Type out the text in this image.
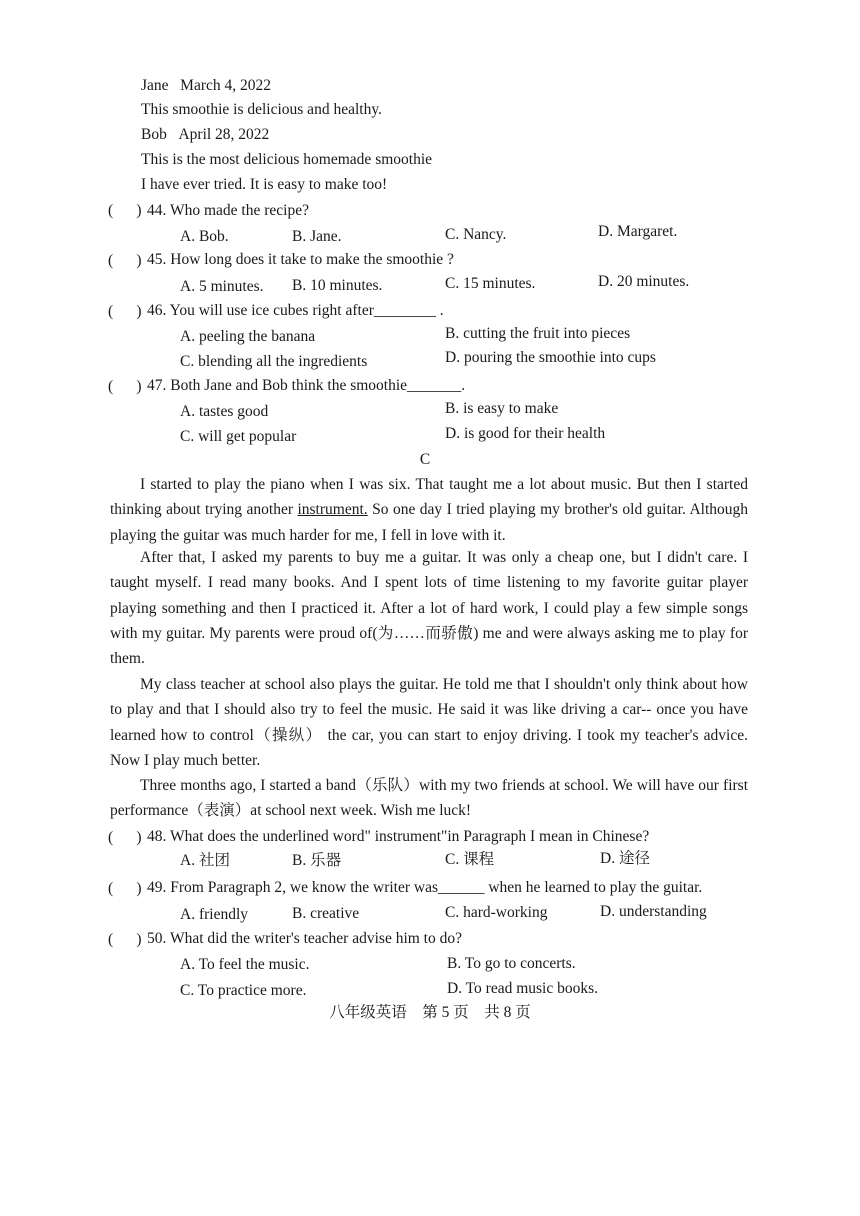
Jane March 4, 2022
This smoothie is delicious and healthy.
Bob April 28, 2022
This is the most delicious homemade smoothie
I have ever tried. It is easy to make too!
(      ) 44. Who made the recipe?
A. Bob.	B. Jane.	C. Nancy.	D. Margaret.
(      ) 45. How long does it take to make the smoothie ?
A. 5 minutes. B. 10 minutes.	C. 15 minutes.	D. 20 minutes.
(      ) 46. You will use ice cubes right after________ .
A. peeling the banana	B. cutting the fruit into pieces
C. blending all the ingredients	D. pouring the smoothie into cups
(      ) 47. Both Jane and Bob think the smoothie_______.
A. tastes good	B. is easy to make
C. will get popular	D. is good for their health
C
I started to play the piano when I was six. That taught me a lot about music. But then I started thinking about trying another instrument. So one day I tried playing my brother's old guitar. Although playing the guitar was much harder for me, I fell in love with it.
After that, I asked my parents to buy me a guitar. It was only a cheap one, but I didn't care. I taught myself. I read many books. And I spent lots of time listening to my favorite guitar player playing something and then I practiced it. After a lot of hard work, I could play a few simple songs with my guitar. My parents were proud of(为……而骄傲) me and were always asking me to play for them.
My class teacher at school also plays the guitar. He told me that I shouldn't only think about how to play and that I should also try to feel the music. He said it was like driving a car-- once you have learned how to control（操纵） the car, you can start to enjoy driving. I took my teacher's advice. Now I play much better.
Three months ago, I started a band（乐队）with my two friends at school. We will have our first performance（表演）at school next week. Wish me luck!
(      ) 48. What does the underlined word" instrument"in Paragraph I mean in Chinese?
A. 社团	B. 乐器	C. 课程	D. 途径
(      ) 49. From Paragraph 2, we know the writer was______ when he learned to play the guitar.
A. friendly	B. creative	C. hard-working	D. understanding
(      ) 50. What did the writer's teacher advise him to do?
A. To feel the music.	B. To go to concerts.
C. To practice more.	D. To read music books.
八年级英语　第 5 页　共 8 页
